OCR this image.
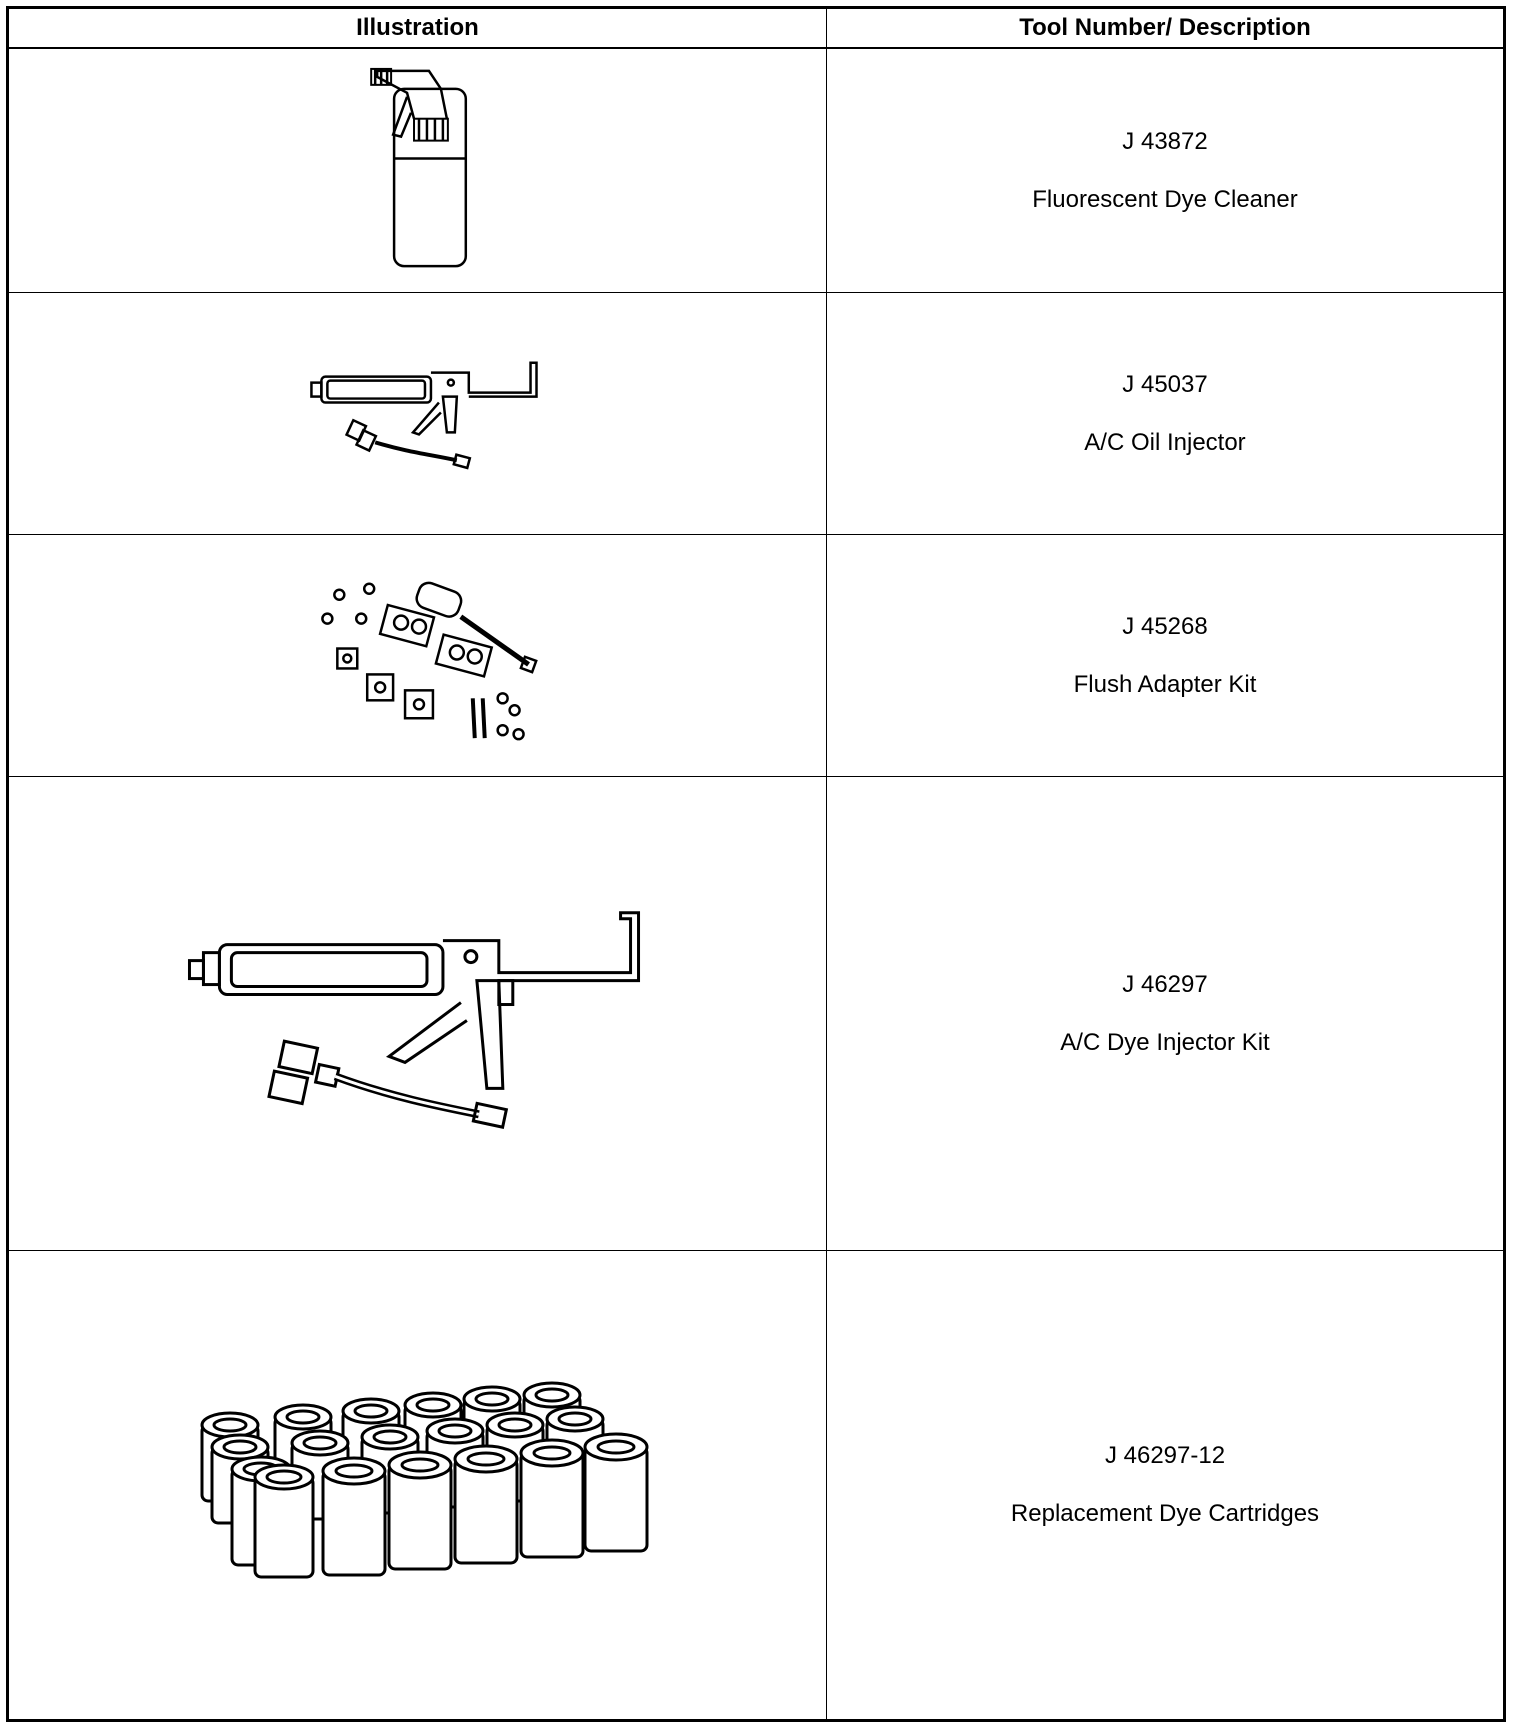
Illustration	Tool Number/ Description
J 43872
Fluorescent Dye Cleaner
J 45037
A/C Oil Injector
J 45268
Flush Adapter Kit
J 46297
A/C Dye Injector Kit
J 46297-12
Replacement Dye Cartridges
